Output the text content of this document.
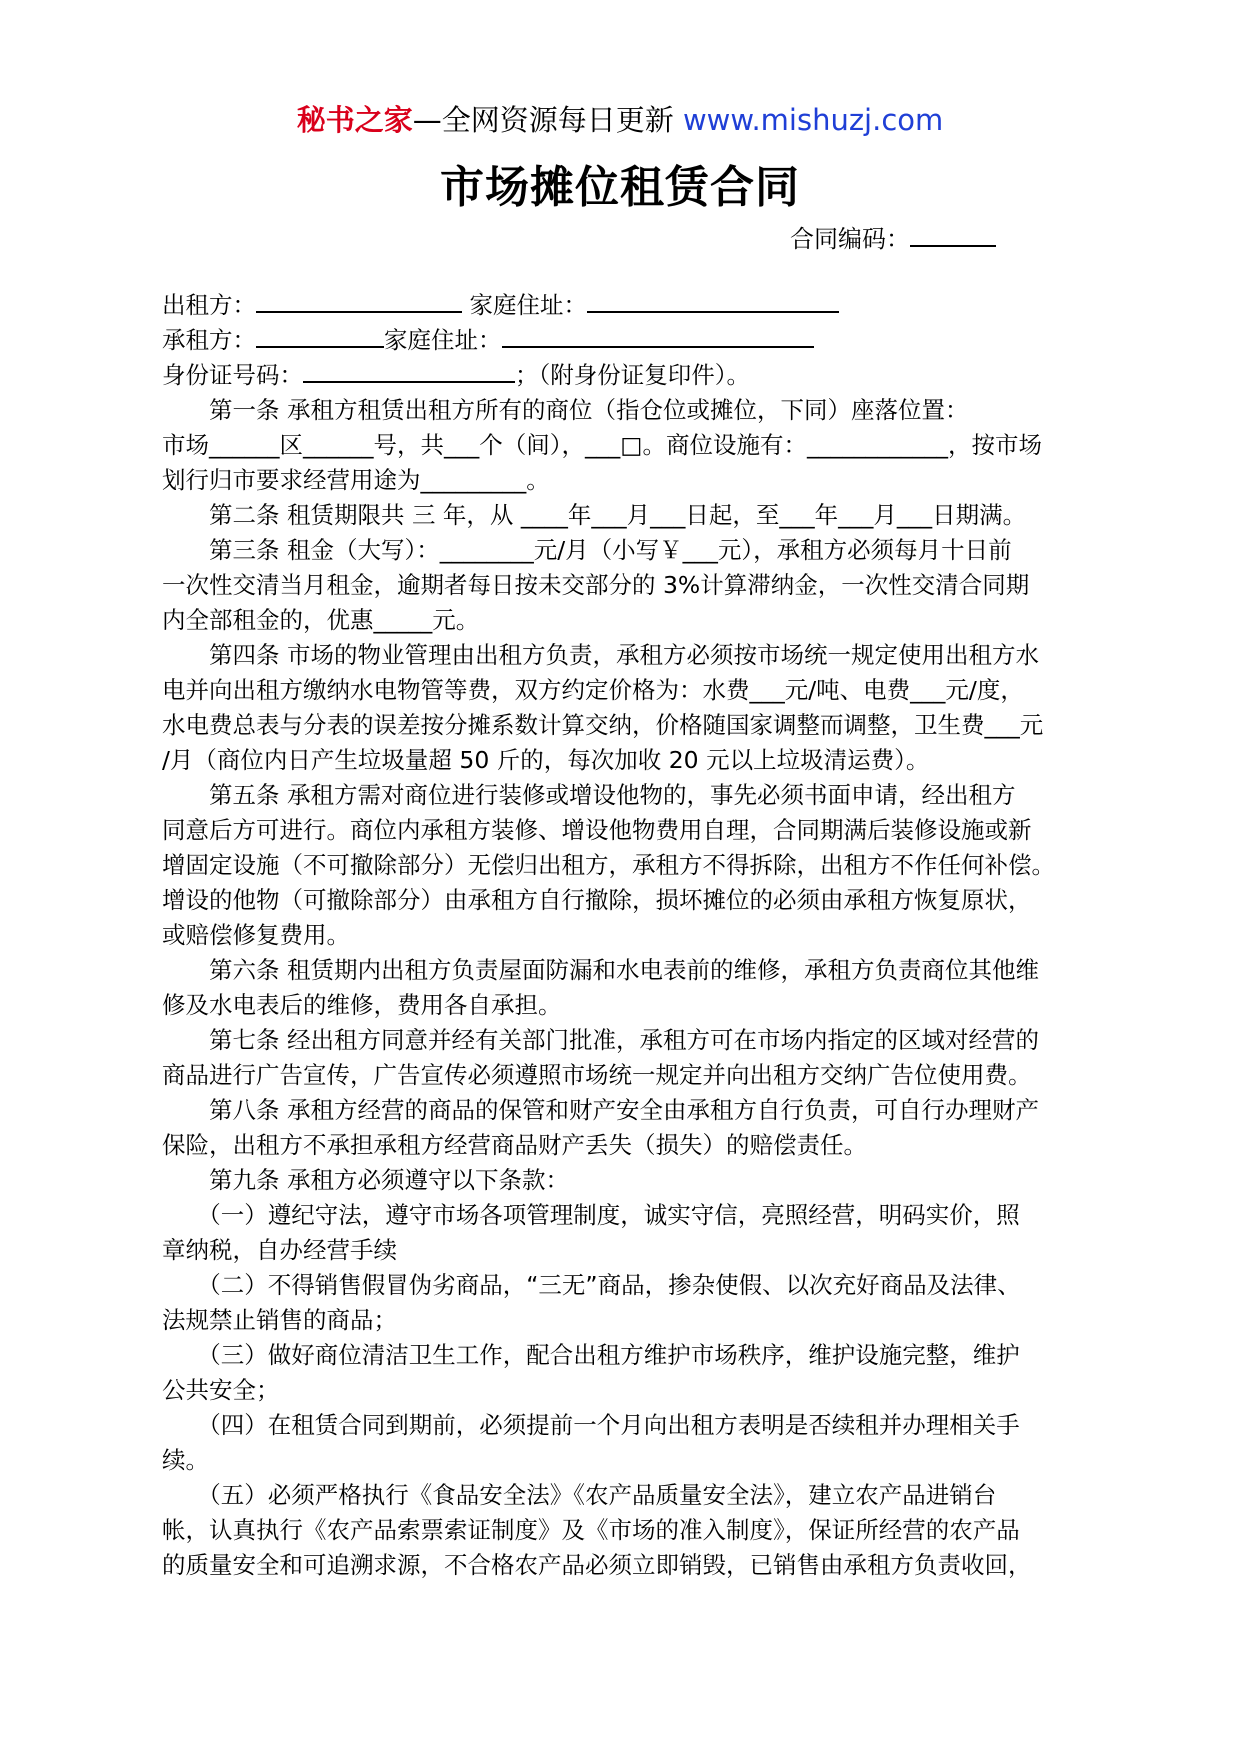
秘书之家—全网资源每日更新 www.mishuzj.com
市场摊位租赁合同
合同编码：
出租方：	家庭住址：
承租方：	家庭住址：
身份证号码：	；（附身份证复印件）。
　　第一条 承租方租赁出租方所有的商位（指仓位或摊位，下同）座落位置：
市场______区______号，共___个（间），___□。商位设施有：____________，按市场
划行归市要求经营用途为_________。
　　第二条 租赁期限共 三 年，从 ____年___月___日起，至___年___月___日期满。
　　第三条 租金（大写）：________元/月（小写￥___元），承租方必须每月十日前
一次性交清当月租金，逾期者每日按未交部分的 3%计算滞纳金，一次性交清合同期
内全部租金的，优惠_____元。
　　第四条 市场的物业管理由出租方负责，承租方必须按市场统一规定使用出租方水
电并向出租方缴纳水电物管等费，双方约定价格为：水费___元/吨、电费___元/度，
水电费总表与分表的误差按分摊系数计算交纳，价格随国家调整而调整，卫生费___元
/月（商位内日产生垃圾量超 50 斤的，每次加收 20 元以上垃圾清运费）。
　　第五条 承租方需对商位进行装修或增设他物的，事先必须书面申请，经出租方
同意后方可进行。商位内承租方装修、增设他物费用自理，合同期满后装修设施或新
增固定设施（不可撤除部分）无偿归出租方，承租方不得拆除，出租方不作任何补偿。
增设的他物（可撤除部分）由承租方自行撤除，损坏摊位的必须由承租方恢复原状，
或赔偿修复费用。
　　第六条 租赁期内出租方负责屋面防漏和水电表前的维修，承租方负责商位其他维
修及水电表后的维修，费用各自承担。
　　第七条 经出租方同意并经有关部门批准，承租方可在市场内指定的区域对经营的
商品进行广告宣传，广告宣传必须遵照市场统一规定并向出租方交纳广告位使用费。
　　第八条 承租方经营的商品的保管和财产安全由承租方自行负责，可自行办理财产
保险，出租方不承担承租方经营商品财产丢失（损失）的赔偿责任。
　　第九条 承租方必须遵守以下条款：
　　（一）遵纪守法，遵守市场各项管理制度，诚实守信，亮照经营，明码实价，照
章纳税，自办经营手续
　　（二）不得销售假冒伪劣商品，“三无”商品，掺杂使假、以次充好商品及法律、
法规禁止销售的商品；
　　（三）做好商位清洁卫生工作，配合出租方维护市场秩序，维护设施完整，维护
公共安全；
　　（四）在租赁合同到期前，必须提前一个月向出租方表明是否续租并办理相关手
续。
　　（五）必须严格执行《食品安全法》《农产品质量安全法》，建立农产品进销台
帐，认真执行《农产品索票索证制度》及《市场的准入制度》，保证所经营的农产品
的质量安全和可追溯求源，不合格农产品必须立即销毁，已销售由承租方负责收回，
